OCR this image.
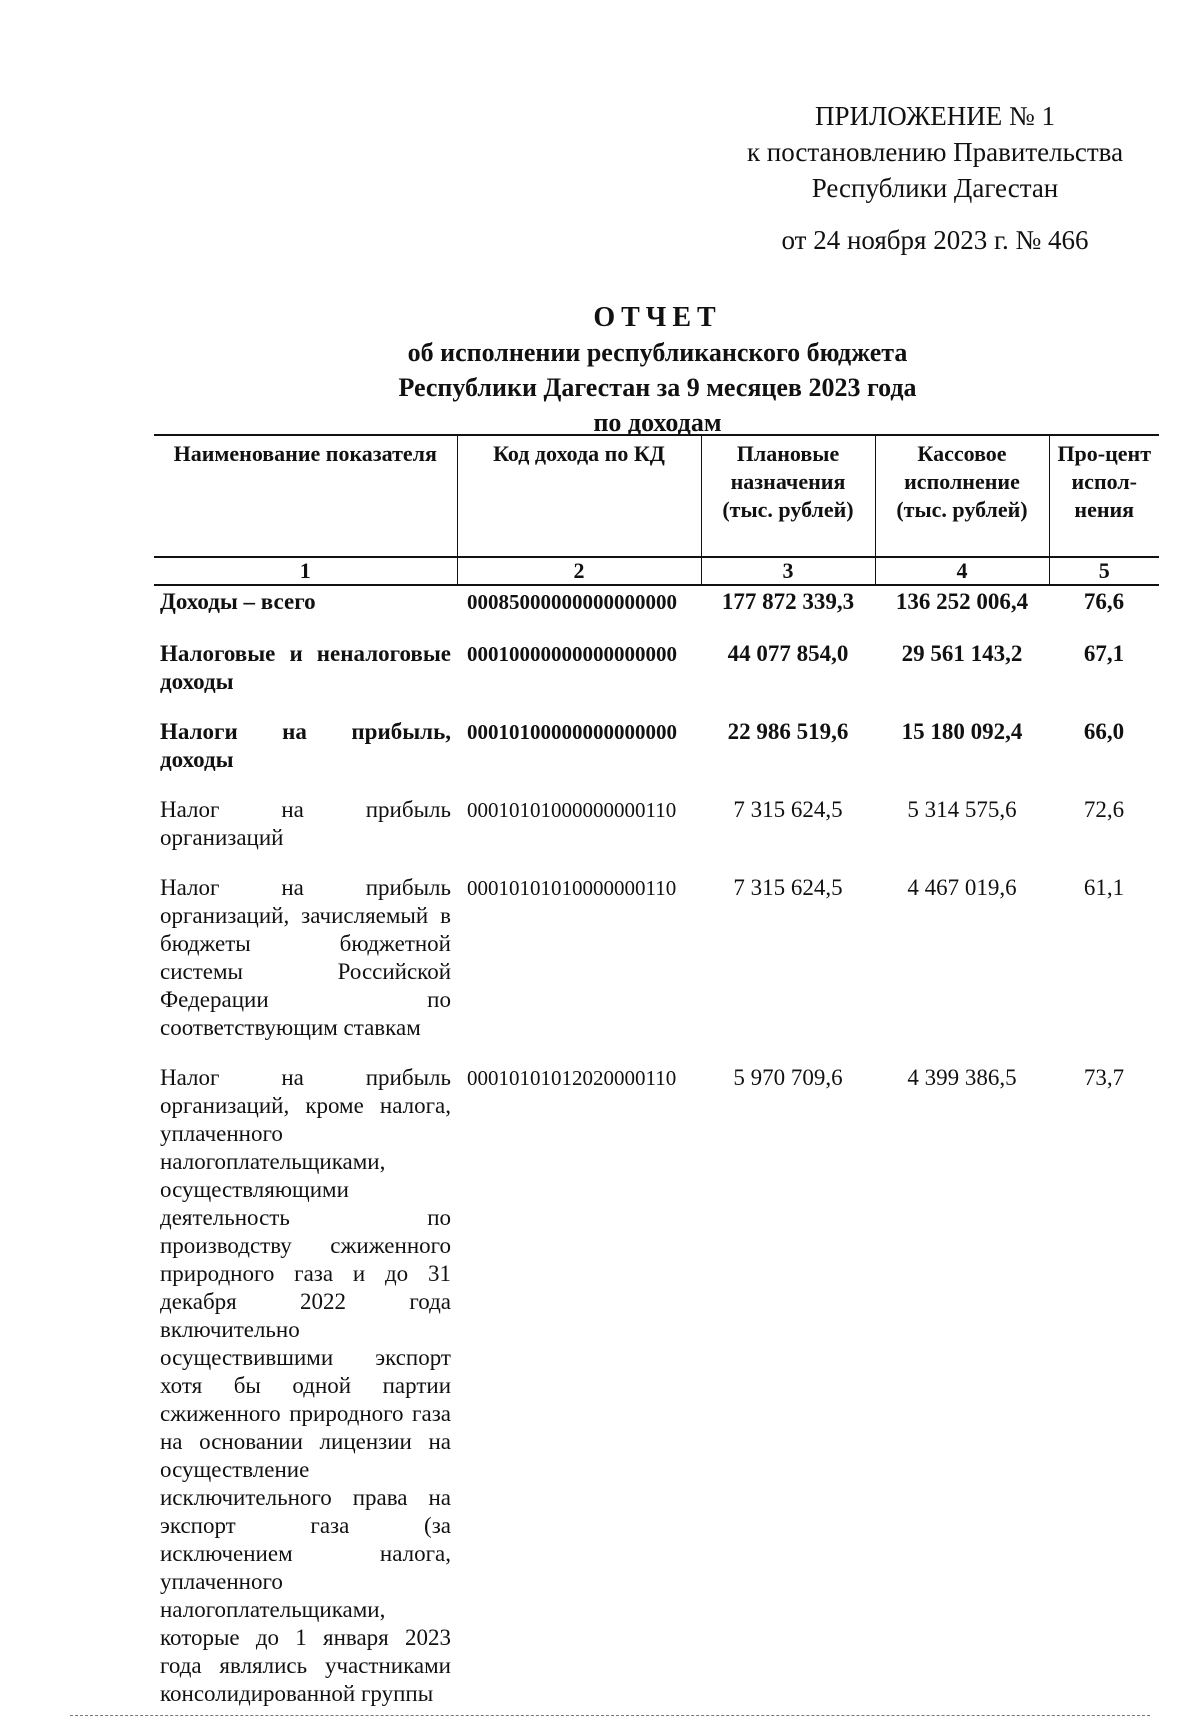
ПРИЛОЖЕНИЕ № 1
к постановлению Правительства
Республики Дагестан
от 24 ноября 2023 г. № 466
ОТЧЕТ
об исполнении республиканского бюджета
Республики Дагестан за 9 месяцев 2023 года
по доходам
Наименование показателя	Код дохода по КД	Плановые назначения (тыс. рублей)	Кассовое исполнение (тыс. рублей)	Про-цент испол-нения
1	2	3	4	5
Доходы – всего	00085000000000000000	177 872 339,3	136 252 006,4	76,6
Налоговые и неналоговые доходы	00010000000000000000	44 077 854,0	29 561 143,2	67,1
Налоги на прибыль, доходы	00010100000000000000	22 986 519,6	15 180 092,4	66,0
Налог на прибыль организаций	00010101000000000110	7 315 624,5	5 314 575,6	72,6
Налог на прибыль организаций, зачисляемый в бюджеты бюджетной системы Российской Федерации по соответствующим ставкам	00010101010000000110	7 315 624,5	4 467 019,6	61,1
Налог на прибыль организаций, кроме налога, уплаченного налогоплательщиками, осуществляющими деятельность по производству сжиженного природного газа и до 31 декабря 2022 года включительно осуществившими экспорт хотя бы одной партии сжиженного природного газа на основании лицензии на осуществление исключительного права на экспорт газа (за исключением налога, уплаченного налогоплательщиками, которые до 1 января 2023 года являлись участниками консолидированной группы	00010101012020000110	5 970 709,6	4 399 386,5	73,7
